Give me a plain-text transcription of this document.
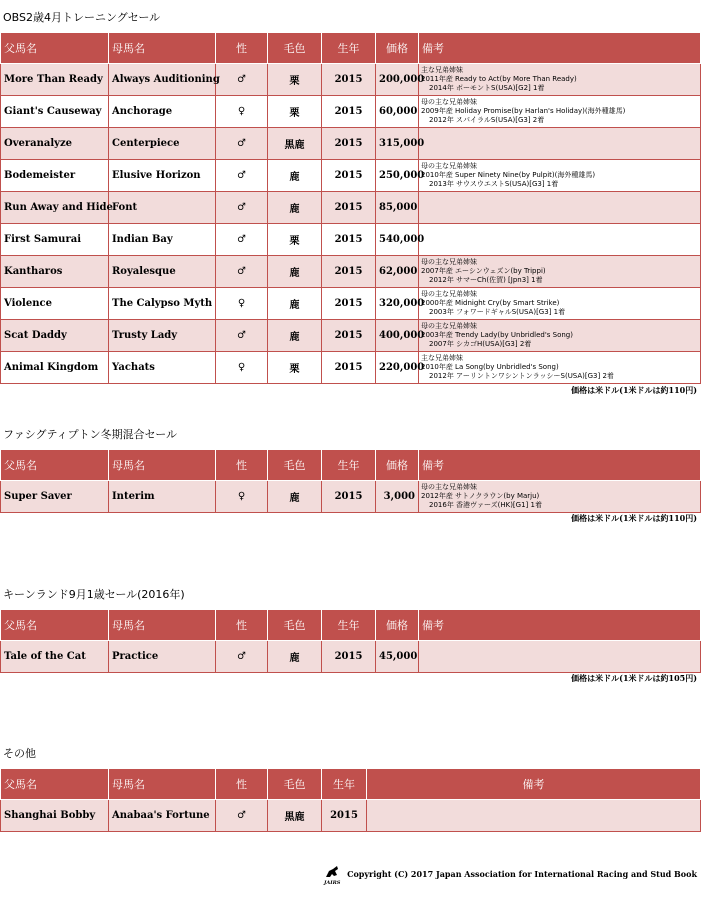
OBS2歳4月トレーニングセール
父馬名	母馬名	性	毛色	生年	価格	備考
More Than Ready	Always Auditioning	♂	栗	2015	200,000	主な兄弟姉妹
2011年産 Ready to Act(by More Than Ready)
2014年 ボーモントS(USA)[G2] 1着

Giant's Causeway	Anchorage	♀	栗	2015	60,000	母の主な兄弟姉妹
2009年産 Holiday Promise(by Harlan's Holiday)(海外種雄馬)
2012年 スパイラルS(USA)[G3] 2着

Overanalyze	Centerpiece	♂	黒鹿	2015	315,000	
Bodemeister	Elusive Horizon	♂	鹿	2015	250,000	母の主な兄弟姉妹
2010年産 Super Ninety Nine(by Pulpit)(海外種雄馬)
2013年 サウスウエストS(USA)[G3] 1着

Run Away and Hide	Font	♂	鹿	2015	85,000	
First Samurai	Indian Bay	♂	栗	2015	540,000	
Kantharos	Royalesque	♂	鹿	2015	62,000	母の主な兄弟姉妹
2007年産 エーシンウェズン(by Trippi)
2012年 サマーCh(佐賀) [Jpn3] 1着

Violence	The Calypso Myth	♀	鹿	2015	320,000	母の主な兄弟姉妹
2000年産 Midnight Cry(by Smart Strike)
2003年 フォワードギャルS(USA)[G3] 1着

Scat Daddy	Trusty Lady	♂	鹿	2015	400,000	母の主な兄弟姉妹
2003年産 Trendy Lady(by Unbridled's Song)
2007年 シカゴH(USA)[G3] 2着

Animal Kingdom	Yachats	♀	栗	2015	220,000	主な兄弟姉妹
2010年産 La Song(by Unbridled's Song)
2012年 アーリントンワシントンラッシーS(USA)[G3] 2着
価格は米ドル(1米ドルは約110円)
ファシグティプトン冬期混合セール
父馬名	母馬名	性	毛色	生年	価格	備考
Super Saver	Interim	♀	鹿	2015	3,000	母の主な兄弟姉妹
2012年産 サトノクラウン(by Marju)
2016年 香港ヴァーズ(HK)[G1] 1着
価格は米ドル(1米ドルは約110円)
キーンランド9月1歳セール(2016年)
父馬名	母馬名	性	毛色	生年	価格	備考
Tale of the Cat	Practice	♂	鹿	2015	45,000	
価格は米ドル(1米ドルは約105円)
その他
父馬名	母馬名	性	毛色	生年	備考
Shanghai Bobby	Anabaa's Fortune	♂	黒鹿	2015	
JAIRS
Copyright (C) 2017 Japan Association for International Racing and Stud Book
